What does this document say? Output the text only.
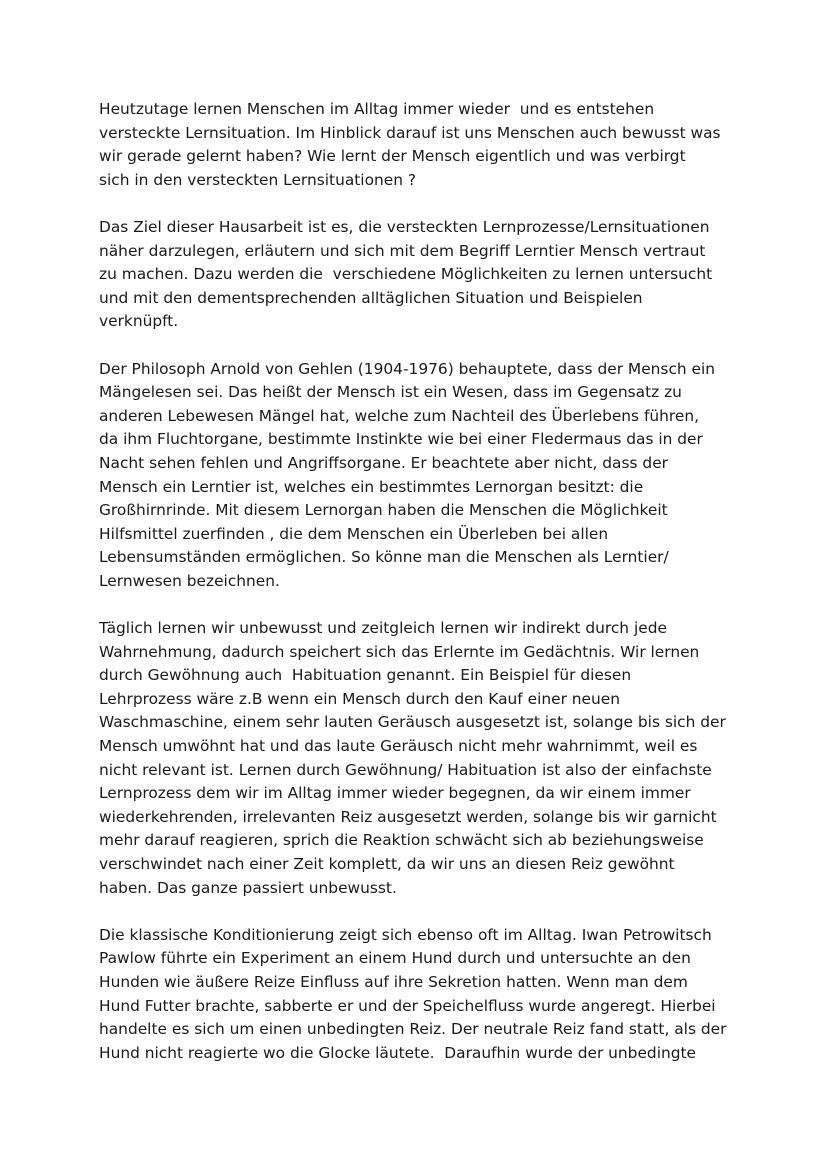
Heutzutage lernen Menschen im Alltag immer wieder  und es entstehen
versteckte Lernsituation. Im Hinblick darauf ist uns Menschen auch bewusst was
wir gerade gelernt haben? Wie lernt der Mensch eigentlich und was verbirgt
sich in den versteckten Lernsituationen ?

Das Ziel dieser Hausarbeit ist es, die versteckten Lernprozesse/Lernsituationen
näher darzulegen, erläutern und sich mit dem Begriff Lerntier Mensch vertraut
zu machen. Dazu werden die  verschiedene Möglichkeiten zu lernen untersucht
und mit den dementsprechenden alltäglichen Situation und Beispielen
verknüpft.

Der Philosoph Arnold von Gehlen (1904-1976) behauptete, dass der Mensch ein
Mängelesen sei. Das heißt der Mensch ist ein Wesen, dass im Gegensatz zu
anderen Lebewesen Mängel hat, welche zum Nachteil des Überlebens führen,
da ihm Fluchtorgane, bestimmte Instinkte wie bei einer Fledermaus das in der
Nacht sehen fehlen und Angriffsorgane. Er beachtete aber nicht, dass der
Mensch ein Lerntier ist, welches ein bestimmtes Lernorgan besitzt: die
Großhirnrinde. Mit diesem Lernorgan haben die Menschen die Möglichkeit
Hilfsmittel zuerfinden , die dem Menschen ein Überleben bei allen
Lebensumständen ermöglichen. So könne man die Menschen als Lerntier/
Lernwesen bezeichnen.

Täglich lernen wir unbewusst und zeitgleich lernen wir indirekt durch jede
Wahrnehmung, dadurch speichert sich das Erlernte im Gedächtnis. Wir lernen
durch Gewöhnung auch  Habituation genannt. Ein Beispiel für diesen
Lehrprozess wäre z.B wenn ein Mensch durch den Kauf einer neuen
Waschmaschine, einem sehr lauten Geräusch ausgesetzt ist, solange bis sich der
Mensch umwöhnt hat und das laute Geräusch nicht mehr wahrnimmt, weil es
nicht relevant ist. Lernen durch Gewöhnung/ Habituation ist also der einfachste
Lernprozess dem wir im Alltag immer wieder begegnen, da wir einem immer
wiederkehrenden, irrelevanten Reiz ausgesetzt werden, solange bis wir garnicht
mehr darauf reagieren, sprich die Reaktion schwächt sich ab beziehungsweise
verschwindet nach einer Zeit komplett, da wir uns an diesen Reiz gewöhnt
haben. Das ganze passiert unbewusst.

Die klassische Konditionierung zeigt sich ebenso oft im Alltag. Iwan Petrowitsch
Pawlow führte ein Experiment an einem Hund durch und untersuchte an den
Hunden wie äußere Reize Einfluss auf ihre Sekretion hatten. Wenn man dem
Hund Futter brachte, sabberte er und der Speichelfluss wurde angeregt. Hierbei
handelte es sich um einen unbedingten Reiz. Der neutrale Reiz fand statt, als der
Hund nicht reagierte wo die Glocke läutete.  Daraufhin wurde der unbedingte
